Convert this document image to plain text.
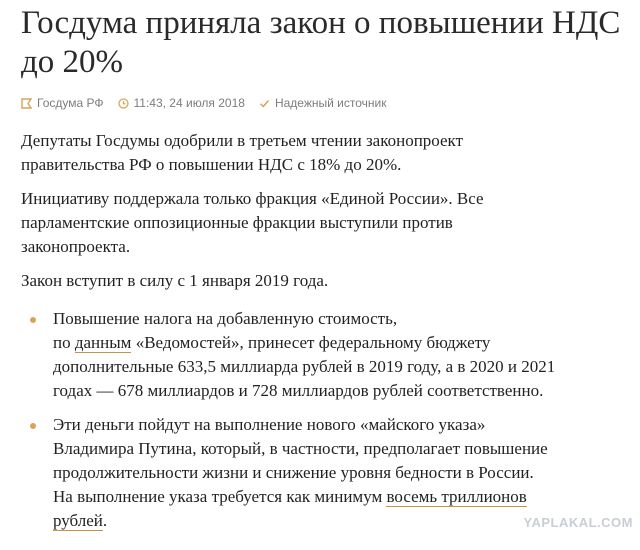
Госдума приняла закон о повышении НДС
до 20%
Госдума РФ	11:43, 24 июля 2018	Надежный источник

Депутаты Госдумы одобрили в третьем чтении законопроект
правительства РФ о повышении НДС с 18% до 20%.

Инициативу поддержала только фракция «Единой России». Все
парламентские оппозиционные фракции выступили против
законопроекта.

Закон вступит в силу с 1 января 2019 года.

Повышение налога на добавленную стоимость,
по данным «Ведомостей», принесет федеральному бюджету
дополнительные 633,5 миллиарда рублей в 2019 году, а в 2020 и 2021
годах — 678 миллиардов и 728 миллиардов рублей соответственно.
Эти деньги пойдут на выполнение нового «майского указа»
Владимира Путина, который, в частности, предполагает повышение
продолжительности жизни и снижение уровня бедности в России.
На выполнение указа требуется как минимум восемь триллионов
рублей.	YAPLAKAL.COM
